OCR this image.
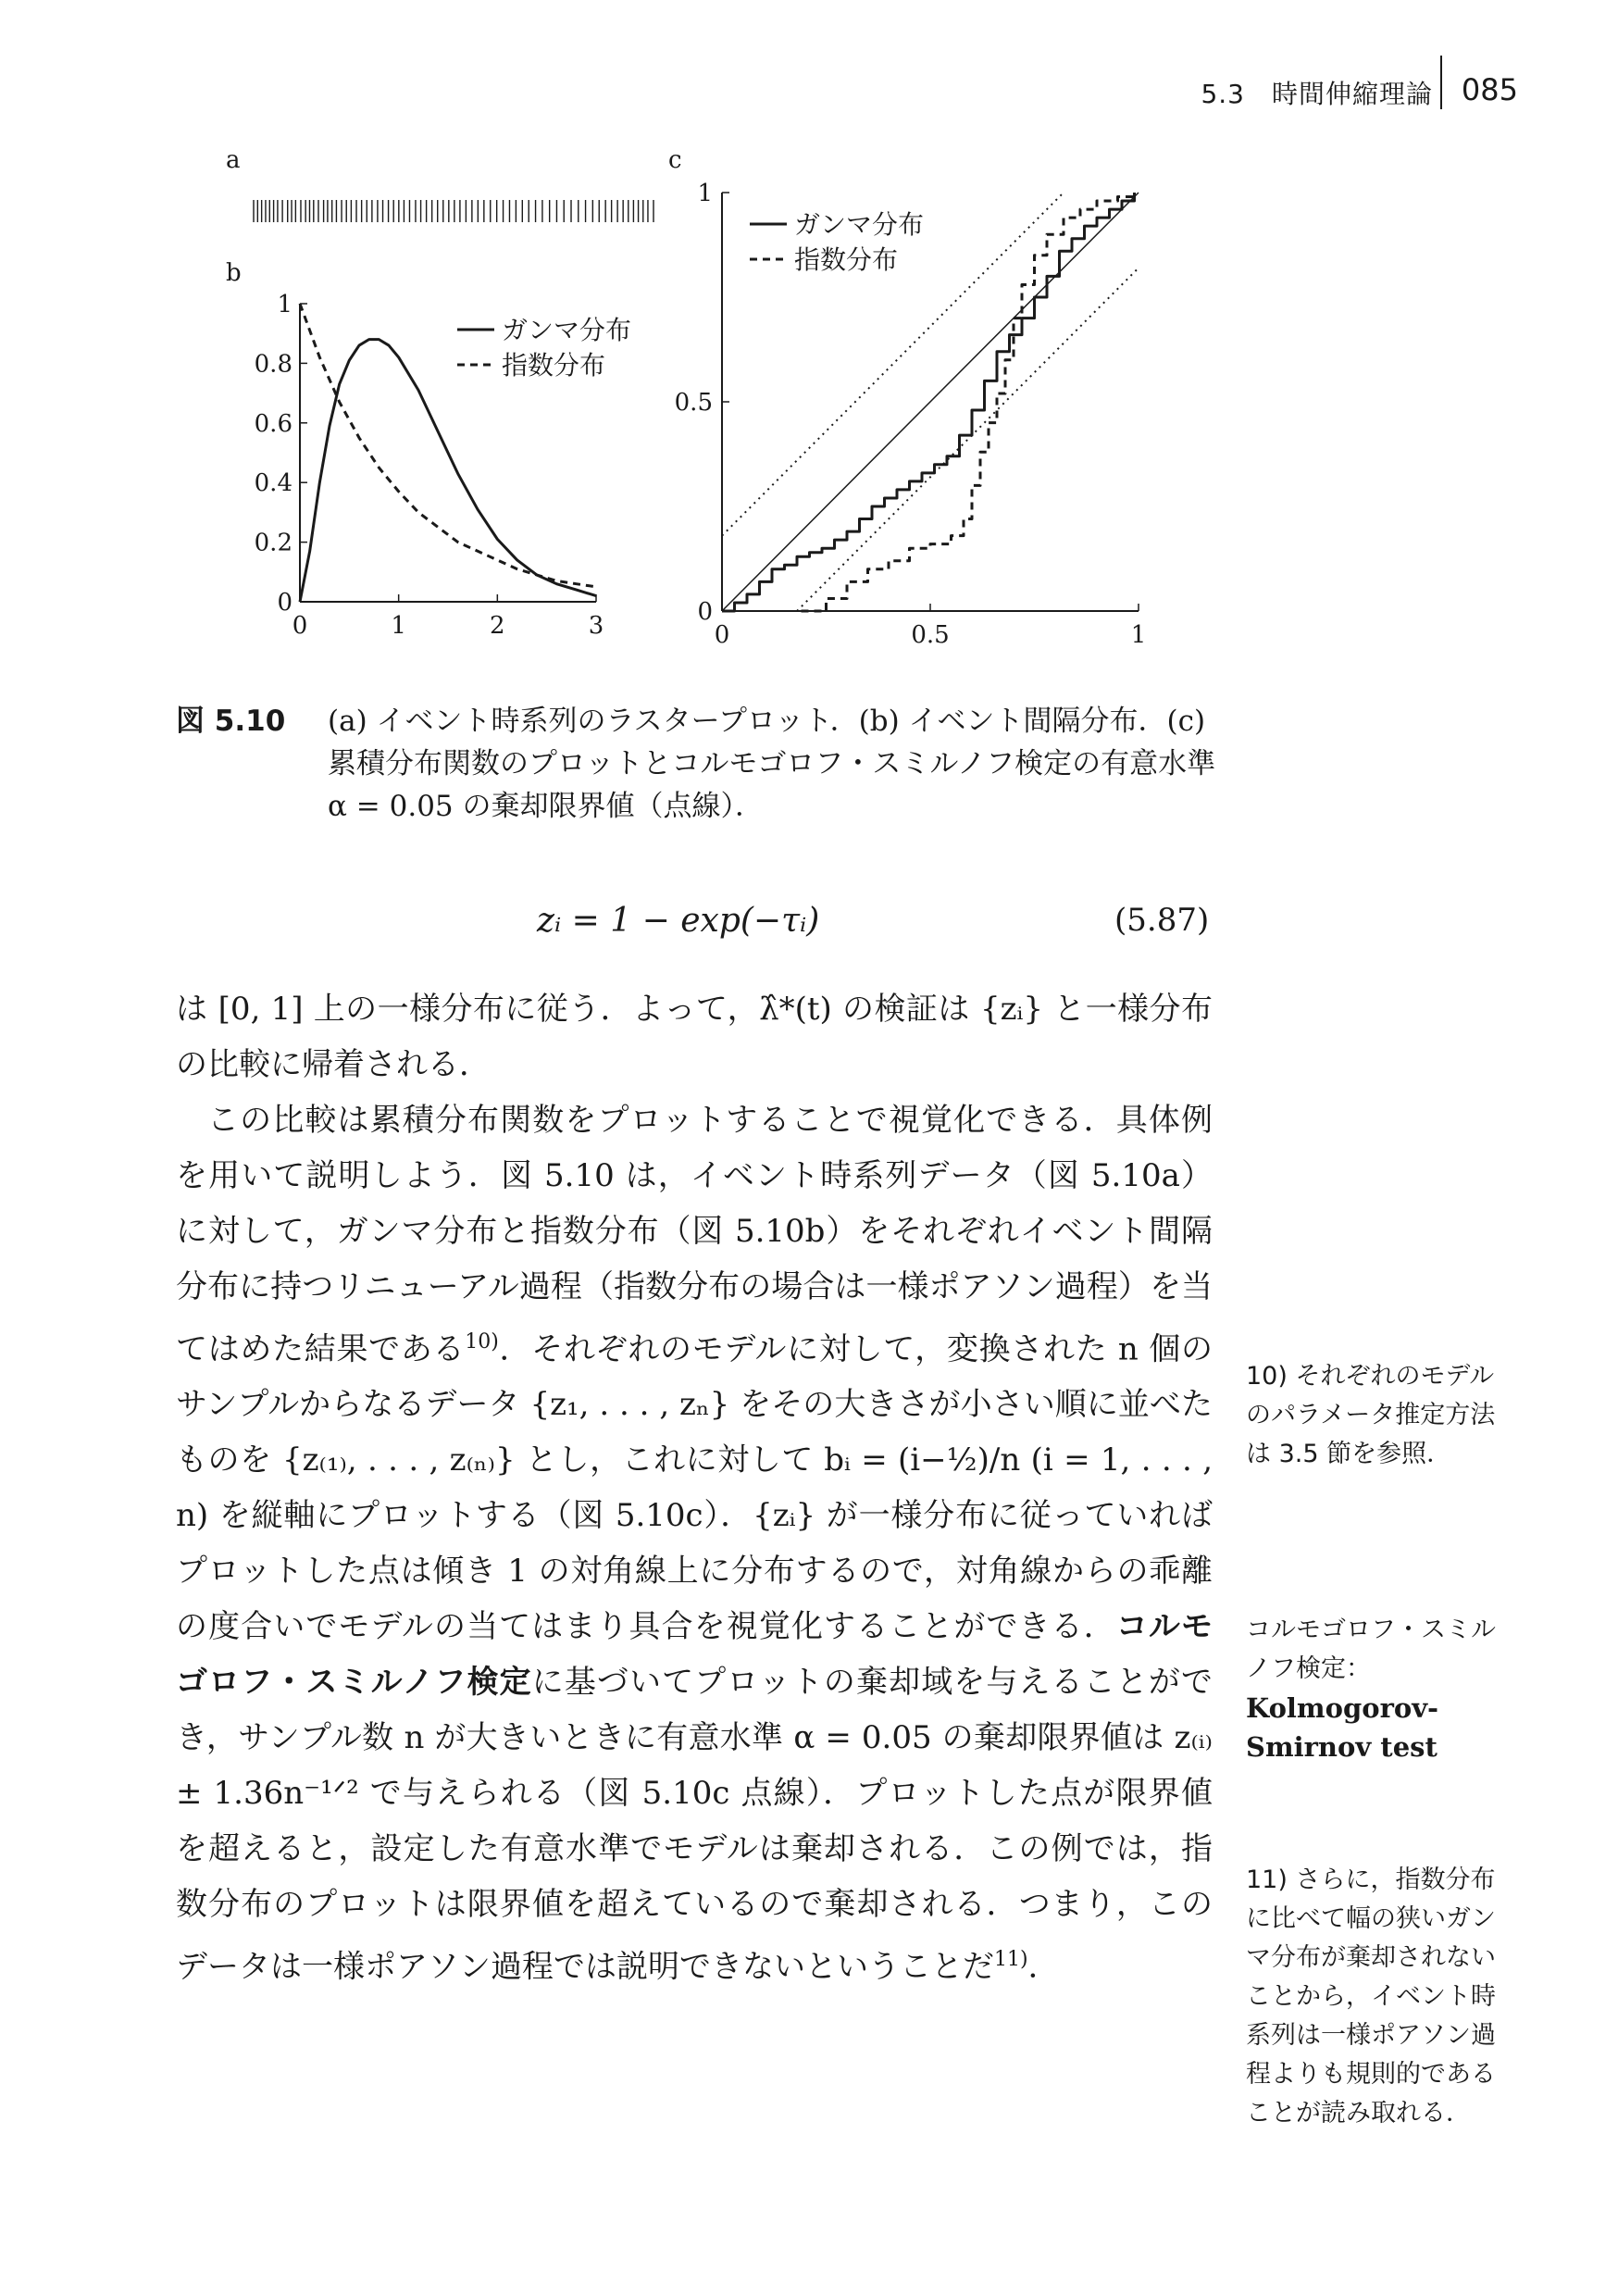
5.3　時間伸縮理論 085
a
b
c
0
0.2
0.4
0.6
0.8
1
0	1	2	3
ガンマ分布
指数分布
0
0.5
1
0	0.5	1
ガンマ分布
指数分布
図 5.10 (a) イベント時系列のラスタープロット．(b) イベント間隔分布．(c) 累積分布関数のプロットとコルモゴロフ・スミルノフ検定の有意水準 α = 0.05 の棄却限界値（点線）．
zᵢ = 1 − exp(−τᵢ)	(5.87)

は [0, 1] 上の一様分布に従う．よって，λ̂*(t) の検証は {zᵢ} と一様分布の比較に帰着される．

この比較は累積分布関数をプロットすることで視覚化できる．具体例を用いて説明しよう．図 5.10 は，イベント時系列データ（図 5.10a）に対して，ガンマ分布と指数分布（図 5.10b）をそれぞれイベント間隔分布に持つリニューアル過程（指数分布の場合は一様ポアソン過程）を当てはめた結果である$^{10)}$．それぞれのモデルに対して，変換された n 個のサンプルからなるデータ {z₁, . . . , zₙ} をその大きさが小さい順に並べたものを {z₍₁₎, . . . , z₍ₙ₎} とし，これに対して bᵢ = (i−½)/n (i = 1, . . . , n) を縦軸にプロットする（図 5.10c）．{zᵢ} が一様分布に従っていればプロットした点は傾き 1 の対角線上に分布するので，対角線からの乖離の度合いでモデルの当てはまり具合を視覚化することができる．コルモゴロフ・スミルノフ検定に基づいてプロットの棄却域を与えることができ，サンプル数 n が大きいときに有意水準 α = 0.05 の棄却限界値は z₍ᵢ₎ ± 1.36n⁻¹ᐟ² で与えられる（図 5.10c 点線）．プロットした点が限界値を超えると，設定した有意水準でモデルは棄却される．この例では，指数分布のプロットは限界値を超えているので棄却される．つまり，このデータは一様ポアソン過程では説明できないということだ$^{11)}$．

10) それぞれのモデルのパラメータ推定方法は 3.5 節を参照．
コルモゴロフ・スミルノフ検定：
Kolmogorov-Smirnov test
11) さらに，指数分布に比べて幅の狭いガンマ分布が棄却されないことから，イベント時系列は一様ポアソン過程よりも規則的であることが読み取れる．
